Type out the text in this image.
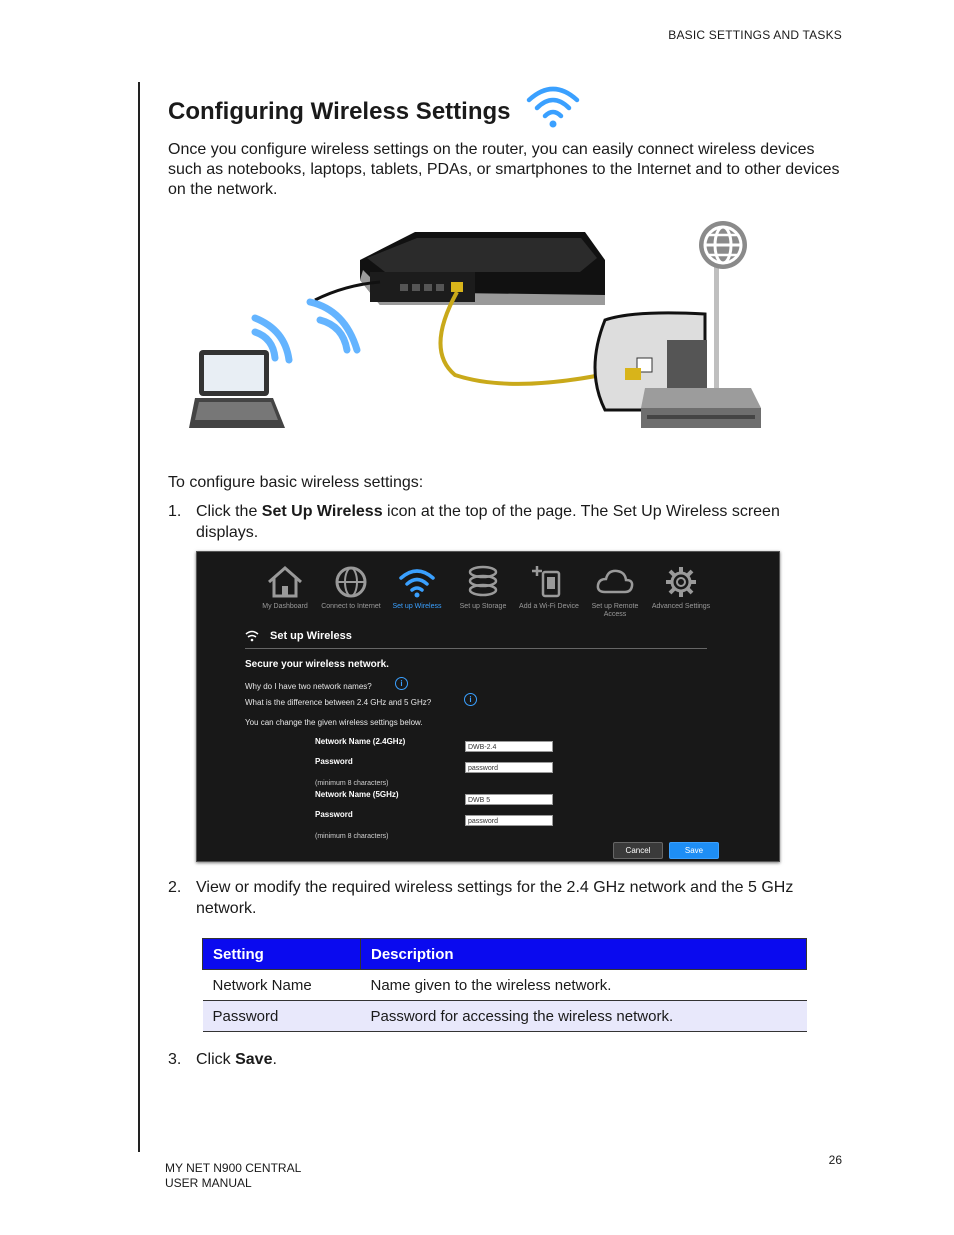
BASIC SETTINGS AND TASKS
Configuring Wireless Settings

Once you configure wireless settings on the router, you can easily connect wireless devices such as notebooks, laptops, tablets, PDAs, or smartphones to the Internet and to other devices on the network.

To configure basic wireless settings:

1. Click the Set Up Wireless icon at the top of the page. The Set Up Wireless screen displays.
My Dashboard	Connect to Internet	Set up Wireless	Set up Storage	Add a Wi-Fi Device	Set up Remote Access
Advanced Settings
Set up Wireless
Secure your wireless network.
Why do I have two network names?	i
What is the difference between 2.4 GHz and 5 GHz?	i
You can change the given wireless settings below.
Network Name (2.4GHz)
DWB-2.4
Password
password
(minimum 8 characters)
Network Name (5GHz)
DWB 5
Password
password
(minimum 8 characters)
Cancel	Save
2. View or modify the required wireless settings for the 2.4 GHz network and the 5 GHz network.
Setting	Description
Network Name	Name given to the wireless network.
Password	Password for accessing the wireless network.
3. Click Save.
26
MY NET N900 CENTRAL
USER MANUAL
